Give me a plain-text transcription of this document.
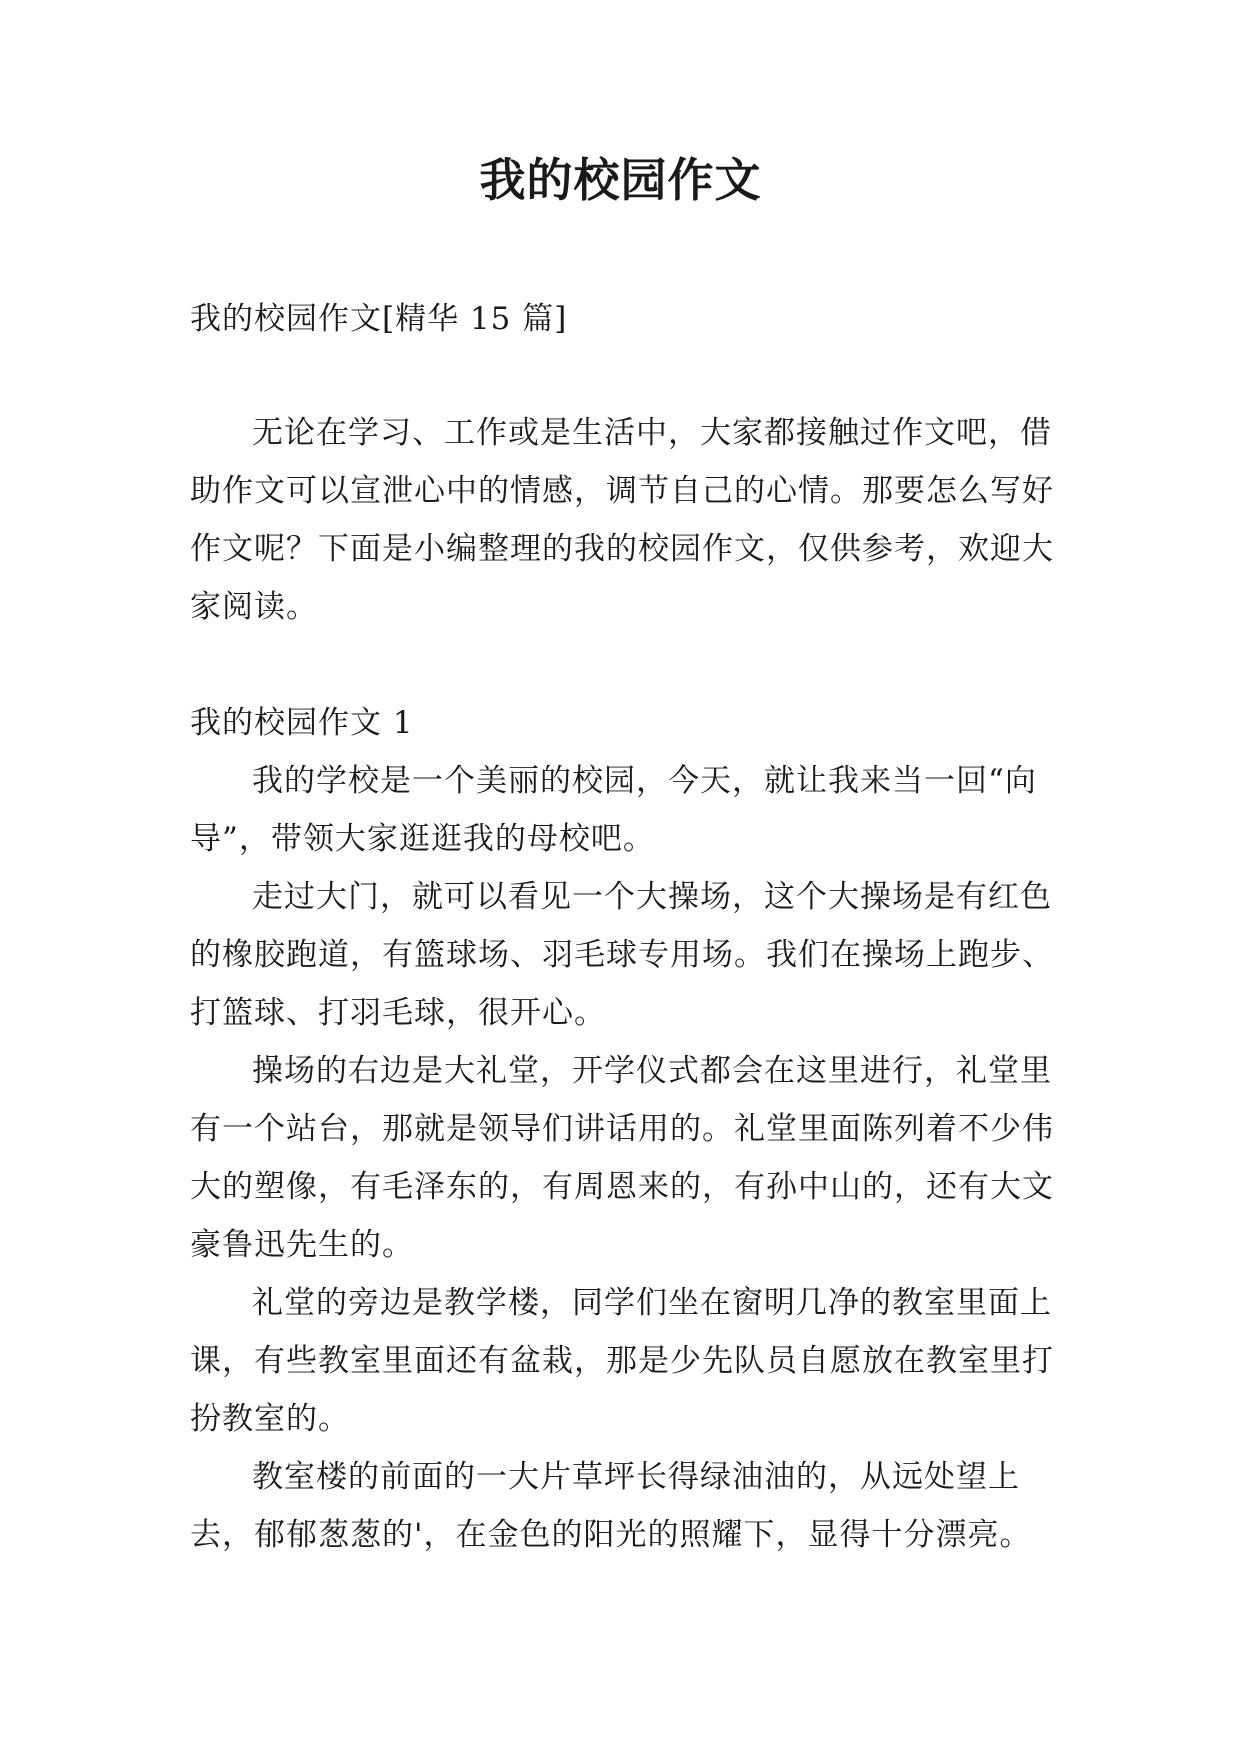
我的校园作文

我的校园作文[精华 15 篇]

无论在学习、工作或是生活中，大家都接触过作文吧，借助作文可以宣泄心中的情感，调节自己的心情。那要怎么写好作文呢？下面是小编整理的我的校园作文，仅供参考，欢迎大家阅读。

我的校园作文 1

我的学校是一个美丽的校园，今天，就让我来当一回“向导”，带领大家逛逛我的母校吧。

走过大门，就可以看见一个大操场，这个大操场是有红色的橡胶跑道，有篮球场、羽毛球专用场。我们在操场上跑步、打篮球、打羽毛球，很开心。

操场的右边是大礼堂，开学仪式都会在这里进行，礼堂里有一个站台，那就是领导们讲话用的。礼堂里面陈列着不少伟大的塑像，有毛泽东的，有周恩来的，有孙中山的，还有大文豪鲁迅先生的。

礼堂的旁边是教学楼，同学们坐在窗明几净的教室里面上课，有些教室里面还有盆栽，那是少先队员自愿放在教室里打扮教室的。

教室楼的前面的一大片草坪长得绿油油的，从远处望上去，郁郁葱葱的'，在金色的阳光的照耀下，显得十分漂亮。
